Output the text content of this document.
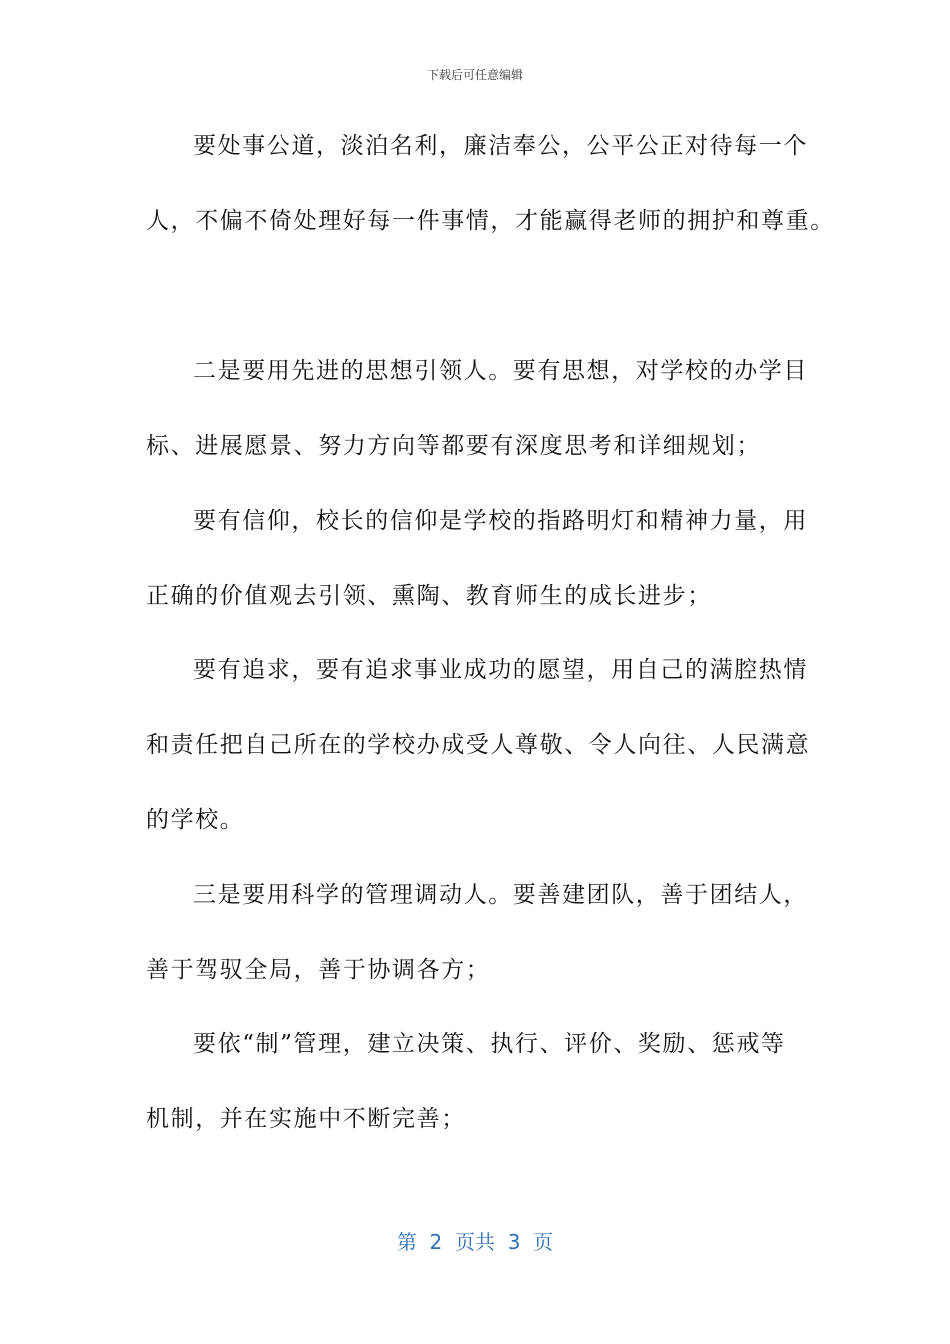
下载后可任意编辑
要处事公道，淡泊名利，廉洁奉公，公平公正对待每一个
人，不偏不倚处理好每一件事情，才能赢得老师的拥护和尊重。
二是要用先进的思想引领人。要有思想，对学校的办学目
标、进展愿景、努力方向等都要有深度思考和详细规划；
要有信仰，校长的信仰是学校的指路明灯和精神力量，用
正确的价值观去引领、熏陶、教育师生的成长进步；
要有追求，要有追求事业成功的愿望，用自己的满腔热情
和责任把自己所在的学校办成受人尊敬、令人向往、人民满意
的学校。
三是要用科学的管理调动人。要善建团队，善于团结人，
善于驾驭全局，善于协调各方；
要依“制”管理，建立决策、执行、评价、奖励、惩戒等
机制，并在实施中不断完善；
第  2  页共  3  页
